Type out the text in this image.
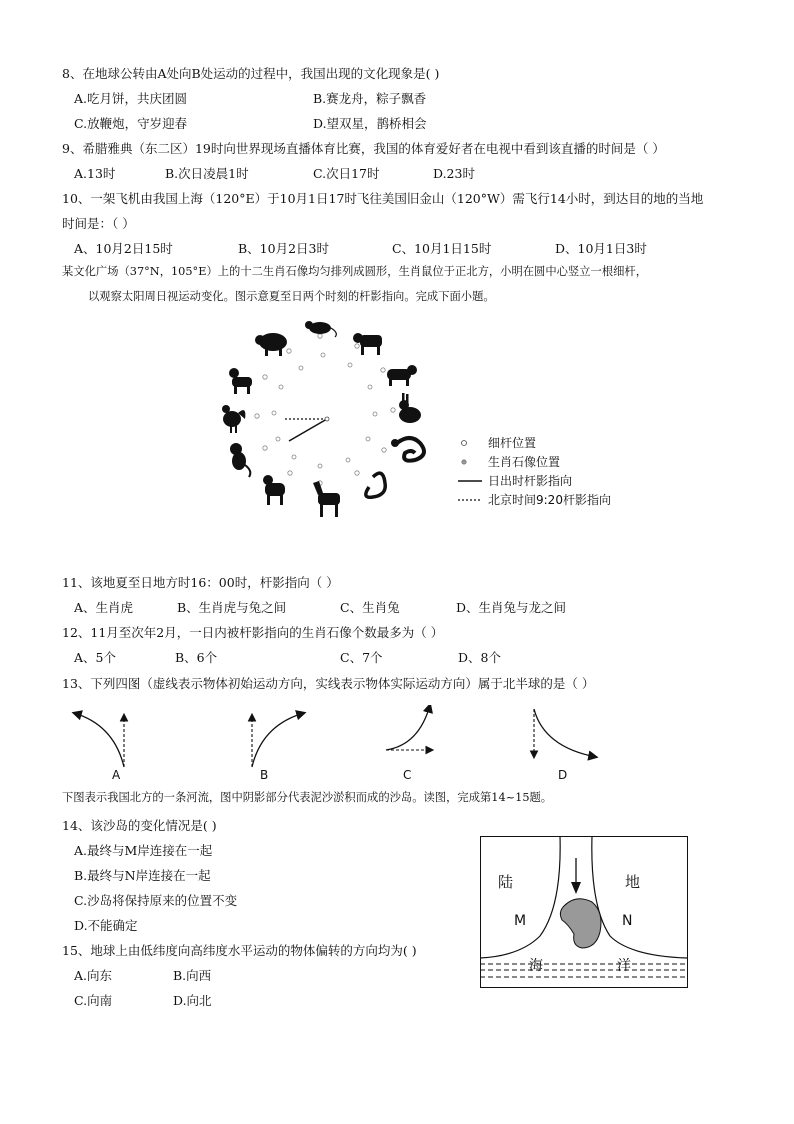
8、在地球公转由A处向B处运动的过程中，我国出现的文化现象是( )
A.吃月饼，共庆团圆	B.赛龙舟，粽子飘香
C.放鞭炮，守岁迎春	D.望双星，鹊桥相会
9、希腊雅典（东二区）19时向世界现场直播体育比赛，我国的体育爱好者在电视中看到该直播的时间是（ ）
A.13时	B.次日凌晨1时	C.次日17时	D.23时
10、一架飞机由我国上海（120°E）于10月1日17时飞往美国旧金山（120°W）需飞行14小时，到达目的地的当地
时间是：（ ）
A、10月2日15时	B、10月2日3时	C、10月1日15时	D、10月1日3时
某文化广场（37°N，105°E）上的十二生肖石像均匀排列成圆形，生肖鼠位于正北方，小明在圆中心竖立一根细杆，
以观察太阳周日视运动变化。图示意夏至日两个时刻的杆影指向。完成下面小题。
细杆位置
生肖石像位置
日出时杆影指向
北京时间9:20杆影指向
11、该地夏至日地方时16：00时，杆影指向（ ）
A、生肖虎	B、生肖虎与兔之间	C、生肖兔	D、生肖兔与龙之间
12、11月至次年2月，一日内被杆影指向的生肖石像个数最多为（ ）
A、5个	B、6个	C、7个	D、8个
13、下列四图（虚线表示物体初始运动方向，实线表示物体实际运动方向）属于北半球的是（ ）
A	B	C	D
下图表示我国北方的一条河流，图中阴影部分代表泥沙淤积而成的沙岛。读图，完成第14~15题。
14、该沙岛的变化情况是( )
A.最终与M岸连接在一起
B.最终与N岸连接在一起
C.沙岛将保持原来的位置不变
D.不能确定
15、地球上由低纬度向高纬度水平运动的物体偏转的方向均为( )
A.向东	B.向西
C.向南	D.向北
陆	地
M	N
海	洋
